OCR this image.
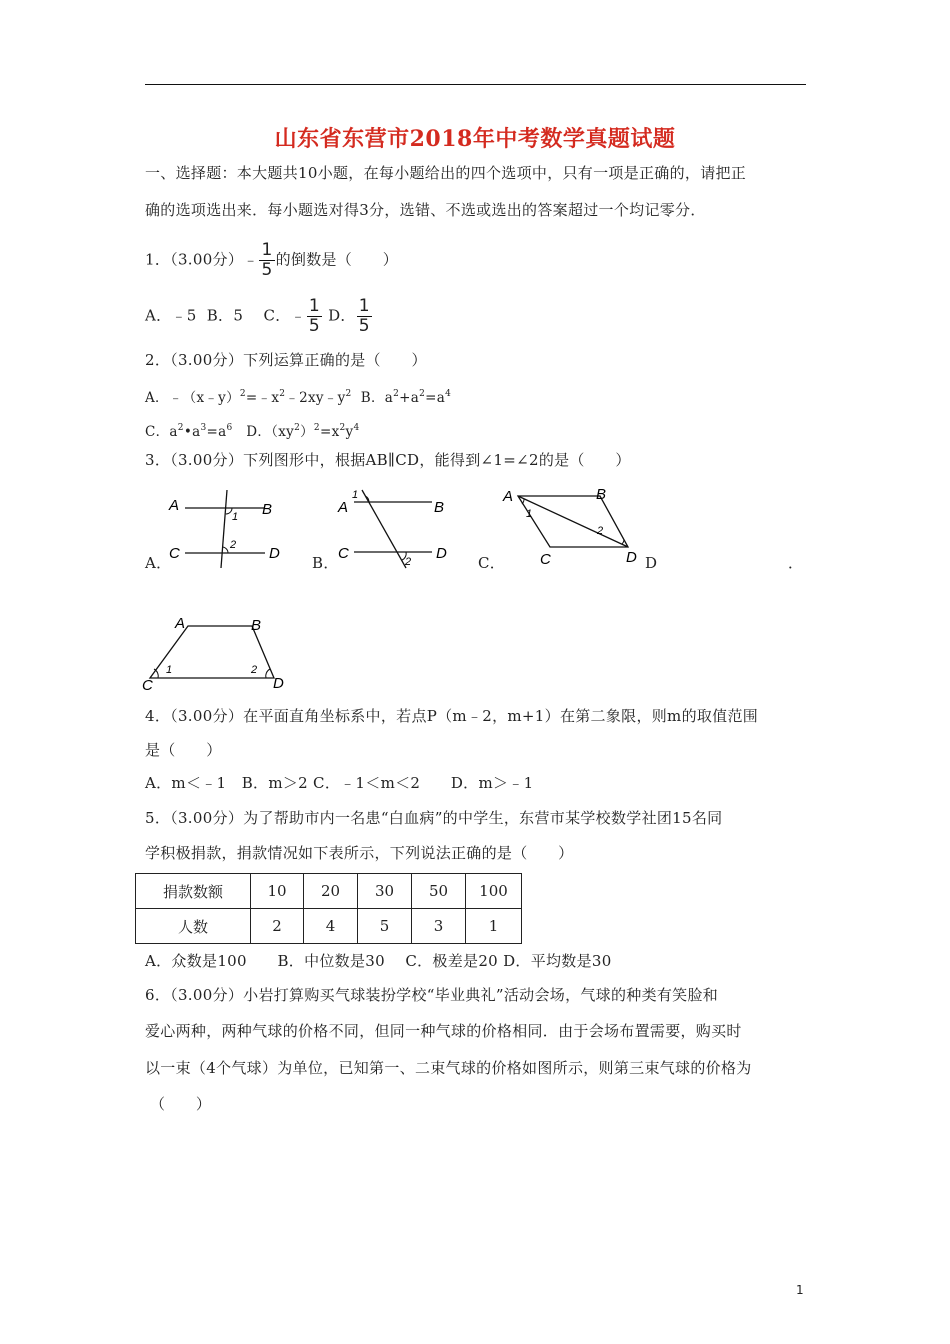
山东省东营市2018年中考数学真题试题
一、选择题：本大题共10小题，在每小题给出的四个选项中，只有一项是正确的，请把正
确的选项选出来．每小题选对得3分，选错、不选或选出的答案超过一个均记零分．
1．（3.00分）﹣ $\frac{1}{5}$ 的倒数是（　　）
A．﹣5 B．5 C．﹣ $\frac{1}{5}$ D． $\frac{1}{5}$
2．（3.00分）下列运算正确的是（　　）
A．$﹣(x﹣y)^2=﹣x^2﹣2xy﹣y^2$ B．$a^2+a^2=a^4$
C．$a^2•a^3=a^6$ D．$(xy^2)^2=x^2y^4$
3．（3.00分）下列图形中，根据AB∥CD，能得到∠1=∠2的是（　　）
A．
A	B
C	D
1
2
B．
A	B
C	D
1
2	C．
A	B
C	D
1
2
D	．
A	B
C	D
1	2
4．（3.00分）在平面直角坐标系中，若点P（m﹣2，m+1）在第二象限，则m的取值范围
是（　　）
A．m＜﹣1　B．m＞2 C．﹣1＜m＜2　　D．m＞﹣1
5．（3.00分）为了帮助市内一名患“白血病”的中学生，东营市某学校数学社团15名同
学积极捐款，捐款情况如下表所示，下列说法正确的是（　　）
捐款数额	10	20	30	50	100
人数	2	4	5	3	1
A．众数是100　　B．中位数是30　 C．极差是20 D．平均数是30
6．（3.00分）小岩打算购买气球装扮学校“毕业典礼”活动会场，气球的种类有笑脸和
爱心两种，两种气球的价格不同，但同一种气球的价格相同．由于会场布置需要，购买时
以一束（4个气球）为单位，已知第一、二束气球的价格如图所示，则第三束气球的价格为
（　　）
1
